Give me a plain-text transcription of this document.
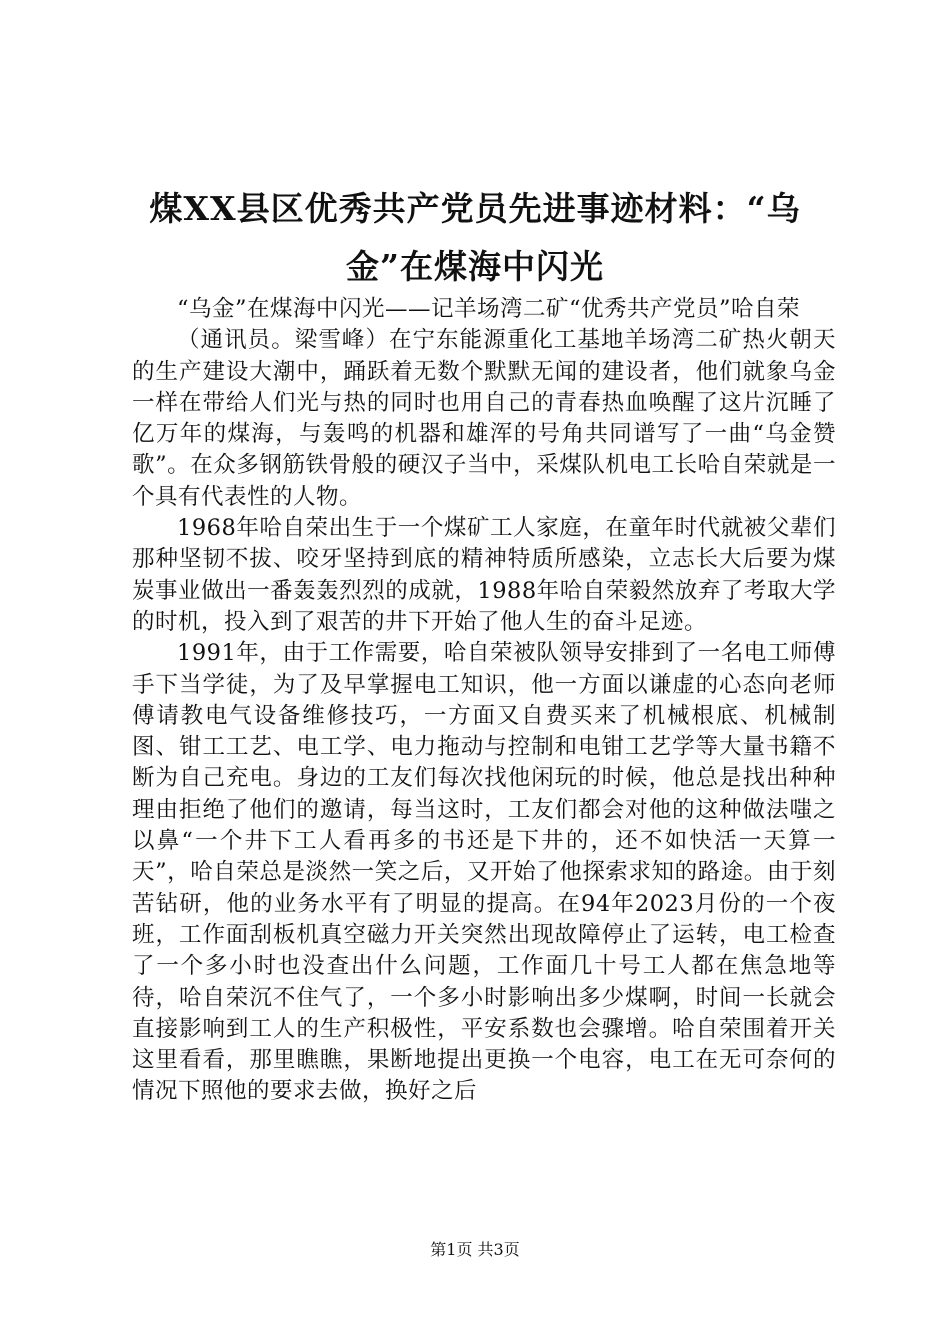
煤XX县区优秀共产党员先进事迹材料：“乌金”在煤海中闪光

“乌金”在煤海中闪光——记羊场湾二矿“优秀共产党员”哈自荣

（通讯员。梁雪峰）在宁东能源重化工基地羊场湾二矿热火朝天的生产建设大潮中，踊跃着无数个默默无闻的建设者，他们就象乌金一样在带给人们光与热的同时也用自己的青春热血唤醒了这片沉睡了亿万年的煤海，与轰鸣的机器和雄浑的号角共同谱写了一曲“乌金赞歌”。在众多钢筋铁骨般的硬汉子当中，采煤队机电工长哈自荣就是一个具有代表性的人物。

1968年哈自荣出生于一个煤矿工人家庭，在童年时代就被父辈们那种坚韧不拔、咬牙坚持到底的精神特质所感染，立志长大后要为煤炭事业做出一番轰轰烈烈的成就，1988年哈自荣毅然放弃了考取大学的时机，投入到了艰苦的井下开始了他人生的奋斗足迹。

1991年，由于工作需要，哈自荣被队领导安排到了一名电工师傅手下当学徒，为了及早掌握电工知识，他一方面以谦虚的心态向老师傅请教电气设备维修技巧，一方面又自费买来了机械根底、机械制图、钳工工艺、电工学、电力拖动与控制和电钳工艺学等大量书籍不断为自己充电。身边的工友们每次找他闲玩的时候，他总是找出种种理由拒绝了他们的邀请，每当这时，工友们都会对他的这种做法嗤之以鼻“一个井下工人看再多的书还是下井的，还不如快活一天算一天”，哈自荣总是淡然一笑之后，又开始了他探索求知的路途。由于刻苦钻研，他的业务水平有了明显的提高。在94年2023月份的一个夜班，工作面刮板机真空磁力开关突然出现故障停止了运转，电工检查了一个多小时也没查出什么问题，工作面几十号工人都在焦急地等待，哈自荣沉不住气了，一个多小时影响出多少煤啊，时间一长就会直接影响到工人的生产积极性，平安系数也会骤增。哈自荣围着开关这里看看，那里瞧瞧，果断地提出更换一个电容，电工在无可奈何的情况下照他的要求去做，换好之后

第1页 共3页
